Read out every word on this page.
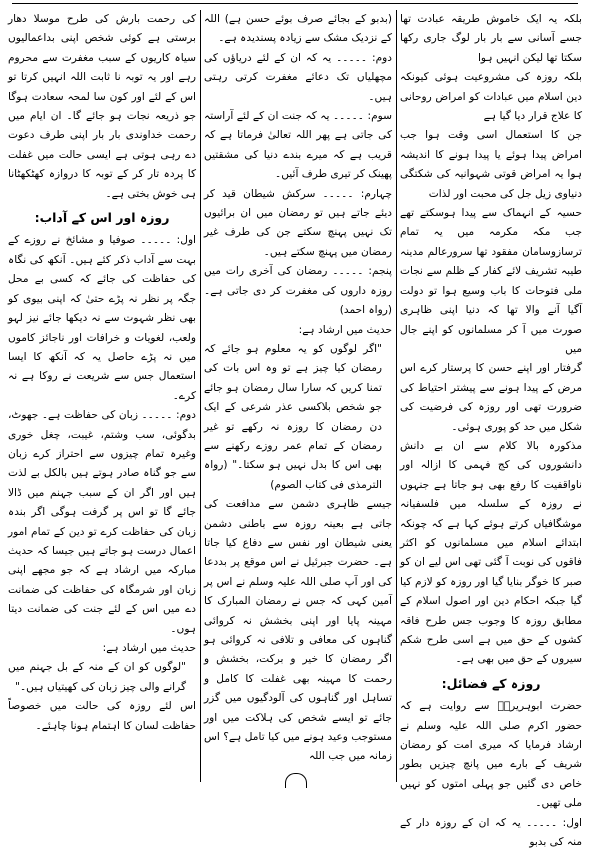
بلکہ یہ ایک خاموش طریقہ عبادت تھا جسے آسانی سے بار بار لوگ جاری رکھا سکتا تھا لیکن انہیں ہوا

بلکہ روزہ کی مشروعیت ہوئی کیونکہ دین اسلام میں عبادات کو امراض روحانی کا علاج قرار دیا گیا ہے

جن کا استعمال اسی وقت ہوا جب امراض پیدا ہوئے یا پیدا ہونے کا اندیشہ ہوا یہ امراض قوتی شہوانیہ کی شکتگی دنیاوی زیل جل کی محبت اور لذات

حسیہ کے انہماک سے پیدا ہوسکتے تھے جب مکہ مکرمہ میں یہ تمام ترسازوسامان مفقود تھا سرورعالم مدینہ طیبہ تشریف لائے کفار کے ظلم سے نجات ملی فتوحات کا باب وسیع ہوا تو دولت آگیا آنے والا تھا کہ دنیا اپنی ظاہری صورت میں آ کر مسلمانوں کو اپنے جال میں

گرفتار اور اپنے حسن کا پرستار کرے اس مرض کے پیدا ہونے سے پیشتر احتیاط کی ضرورت تھی اور روزہ کی فرضیت کی شکل میں حد کو پوری ہوئی۔

مذکورہ بالا کلام سے ان بے دانش دانشوروں کی کج فہمی کا ازالہ اور ناواقفیت کا رفع بھی ہو جاتا ہے جنہوں نے روزہ کے سلسلہ میں فلسفیانہ موشگافیاں کرتے ہوئے کہا ہے کہ چونکہ ابتدائے اسلام میں مسلمانوں کو اکثر فاقوں کی نوبت آ گئی تھی اس لیے ان کو صبر کا خوگر بنایا گیا اور روزہ کو لازم کیا گیا جبکہ احکام دین اور اصول اسلام کے مطابق روزہ کا وجوب جس طرح فاقہ کشوں کے حق میں ہے اسی طرح شکم سیروں کے حق میں بھی ہے۔

روزہ کے فضائل:

حضرت ابوہریرہؓ سے روایت ہے کہ حضور اکرم صلی اللہ علیہ وسلم نے ارشاد فرمایا کہ میری امت کو رمضان شریف کے بارے میں پانچ چیزیں بطور خاص دی گئیں جو پہلی امتوں کو نہیں ملی تھیں۔

اول: ۔۔۔۔۔ یہ کہ ان کے روزہ دار کے منہ کی بدبو

(بدبو کے بجائے صرف بوئے حسن ہے) اللہ کے نزدیک مشک سے زیادہ پسندیدہ ہے۔

دوم: ۔۔۔۔۔ یہ کہ ان کے لئے دریاؤں کی مچھلیاں تک دعائے مغفرت کرتی رہتی ہیں۔

سوم: ۔۔۔۔۔ یہ کہ جنت ان کے لئے آراستہ کی جاتی ہے پھر اللہ تعالیٰ فرماتا ہے کہ قریب ہے کہ میرے بندے دنیا کی مشقتیں پھینک کر تیری طرف آئیں۔

چہارم: ۔۔۔۔۔ سرکش شیطان قید کر دیئے جاتے ہیں تو رمضان میں ان برائیوں تک نہیں پہنچ سکتے جن کی طرف غیر رمضان میں پہنچ سکتے ہیں۔

پنجم: ۔۔۔۔۔ رمضان کی آخری رات میں روزہ داروں کی مغفرت کر دی جاتی ہے۔ (رواہ احمد)

حدیث میں ارشاد ہے:

"اگر لوگوں کو یہ معلوم ہو جائے کہ رمضان کیا چیز ہے تو وہ اس بات کی تمنا کریں کہ سارا سال رمضان ہو جائے جو شخص بلاکسی عذر شرعی کے ایک دن رمضان کا روزہ نہ رکھے تو غیر رمضان کے تمام عمر روزے رکھنے سے بھی اس کا بدل نہیں ہو سکتا۔" (رواہ الترمذی فی کتاب الصوم)

جیسے ظاہری دشمن سے مدافعت کی جاتی ہے بعینہ روزہ سے باطنی دشمن یعنی شیطان اور نفس سے دفاع کیا جاتا ہے۔ حضرت جبرئیل نے اس موقع پر بددعا کی اور آپ صلی اللہ علیہ وسلم نے اس پر آمین کہی کہ جس نے رمضان المبارک کا مہینہ پایا اور اپنی بخشش نہ کروائی گناہوں کی معافی و تلافی نہ کروائی ہو اگر رمضان کا خیر و برکت، بخشش و رحمت کا مہینہ بھی غفلت کا کامل و تساہل اور گناہوں کی آلودگیوں میں گزر جائے تو ایسے شخص کی ہلاکت میں اور مستوجب وعید ہونے میں کیا تامل ہے؟ اس زمانہ میں جب اللہ

کی رحمت بارش کی طرح موسلا دھار برستی ہے کوئی شخص اپنی بداعمالیوں سیاہ کاریوں کے سبب مغفرت سے محروم رہے اور یہ توبہ نا ثابت اللہ انہیں کرتا تو اس کے لئے اور کون سا لمحہ سعادت ہوگا جو ذریعہ نجات ہو جائے گا۔ ان ایام میں رحمت خداوندی بار بار اپنی طرف دعوت دے رہی ہوتی ہے ایسی حالت میں غفلت کا پردہ تار کر کے توبہ کا دروازہ کھٹکھٹانا ہی خوش بختی ہے۔

روزہ اور اس کے آداب:

اول: ۔۔۔۔۔ صوفیا و مشائخ نے روزے کے بہت سے آداب ذکر کئے ہیں۔ آنکھ کی نگاہ کی حفاظت کی جائے کہ کسی بے محل جگہ پر نظر نہ پڑے حتیٰ کہ اپنی بیوی کو بھی نظر شہوت سے نہ دیکھا جائے نیز لہو ولعب، لغویات و خرافات اور ناجائز کاموں میں نہ پڑے حاصل یہ کہ آنکھ کا ایسا استعمال جس سے شریعت نے روکا ہے نہ کرے۔

دوم: ۔۔۔۔۔ زبان کی حفاظت ہے۔ جھوٹ، بدگوئی، سب وشتم، غیبت، چغل خوری وغیرہ تمام چیزوں سے احتراز کرے زبان سے جو گناہ صادر ہوتے ہیں بالکل بے لذت ہیں اور اگر ان کے سبب جہنم میں ڈالا جائے گا تو اس پر گرفت ہوگی اگر بندہ زبان کی حفاظت کرے تو دین کے تمام امور اعمال درست ہو جاتے ہیں جیسا کہ حدیث مبارکہ میں ارشاد ہے کہ جو مجھے اپنی زبان اور شرمگاہ کی حفاظت کی ضمانت دے میں اس کے لئے جنت کی ضمانت دیتا ہوں۔

حدیث میں ارشاد ہے:

"لوگوں کو ان کے منہ کے بل جہنم میں گرانے والی چیز زبان کی کھیتیاں ہیں۔"

اس لئے روزہ کی حالت میں خصوصاً حفاظت لسان کا اہتمام ہونا چاہئے۔
